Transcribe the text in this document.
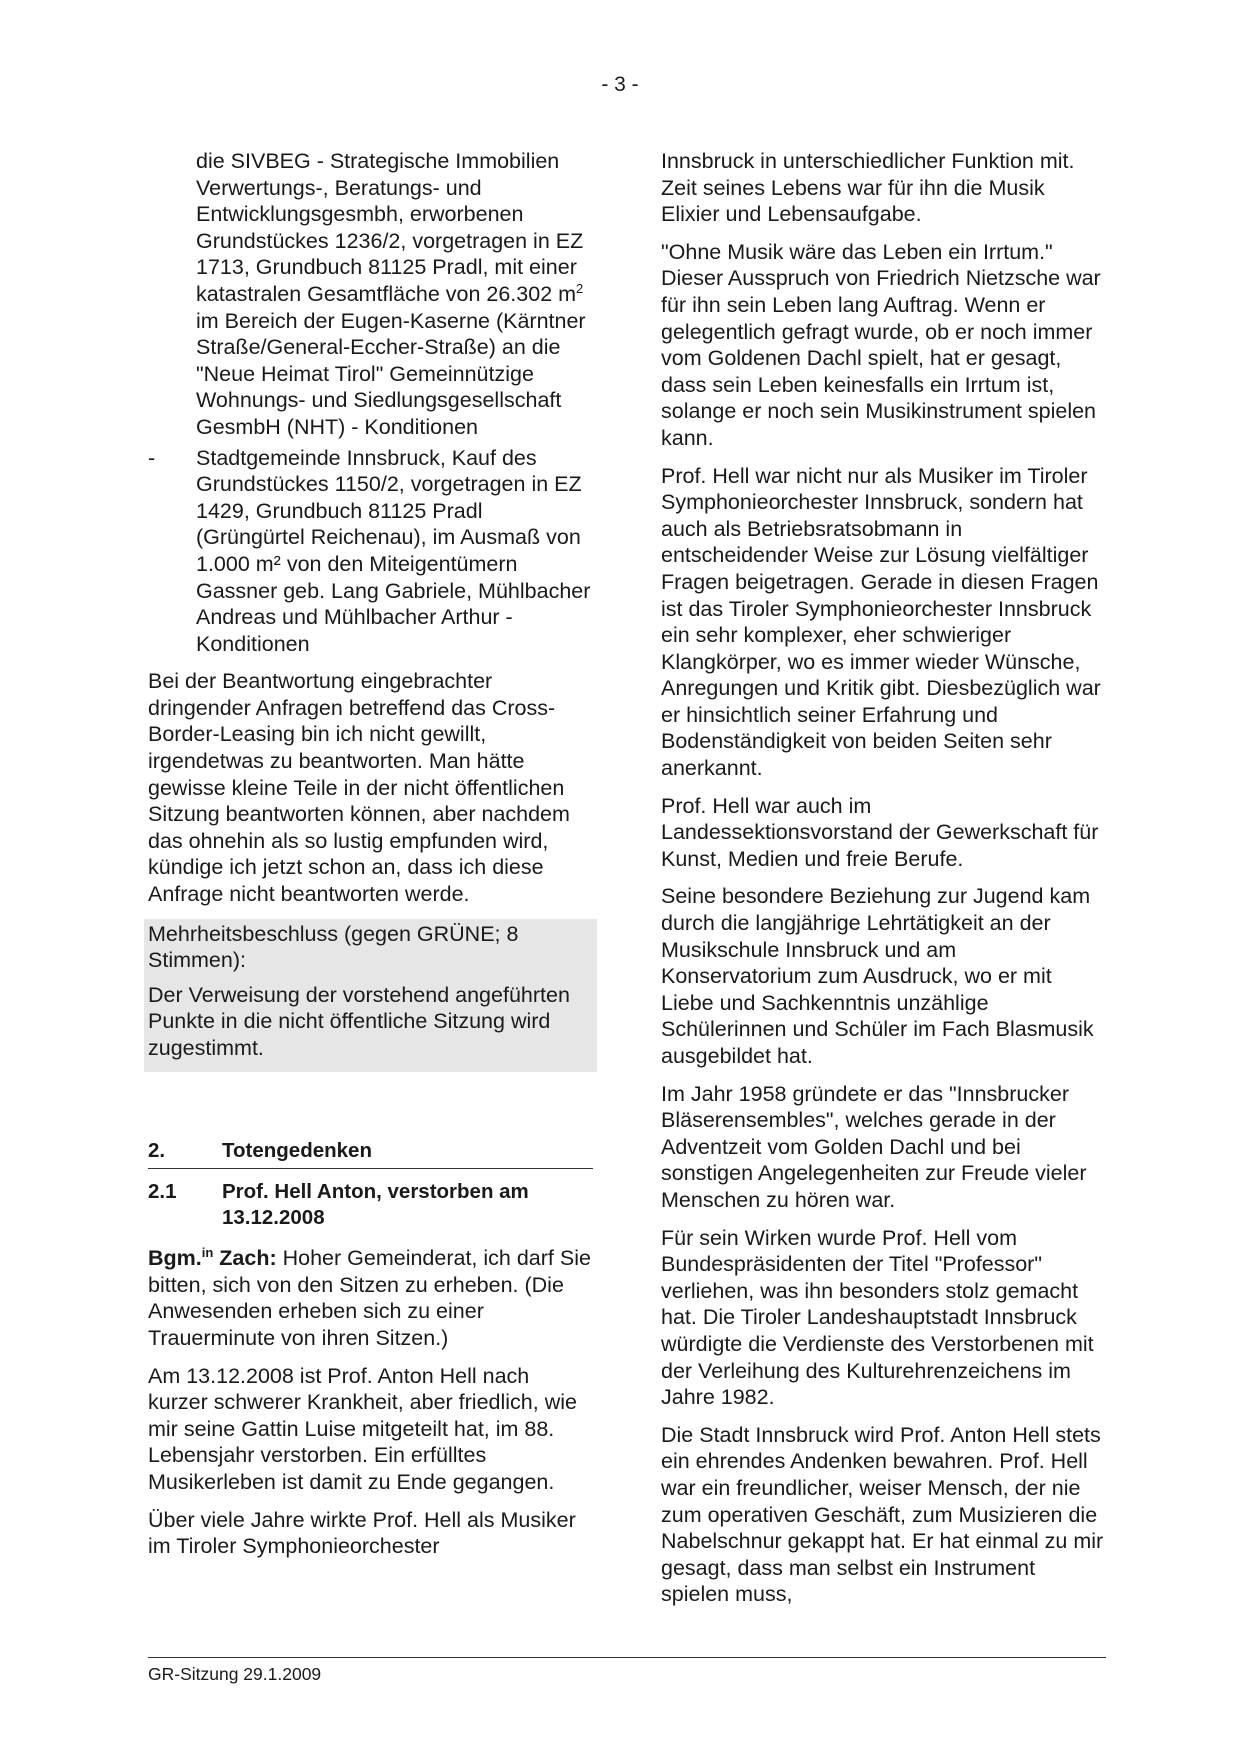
- 3 -

die SIVBEG - Strategische Immobilien Verwertungs-, Beratungs- und Entwicklungsgesmbh, erworbenen Grundstückes 1236/2, vorgetragen in EZ 1713, Grundbuch 81125 Pradl, mit einer katastralen Gesamtfläche von 26.302 $m^2$ im Bereich der Eugen-Kaserne (Kärntner Straße/General-Eccher-Straße) an die "Neue Heimat Tirol" Gemeinnützige Wohnungs- und Siedlungsgesellschaft GesmbH (NHT) - Konditionen

- Stadtgemeinde Innsbruck, Kauf des Grundstückes 1150/2, vorgetragen in EZ 1429, Grundbuch 81125 Pradl (Grüngürtel Reichenau), im Ausmaß von 1.000 m² von den Miteigentümern Gassner geb. Lang Gabriele, Mühlbacher Andreas und Mühlbacher Arthur - Konditionen

Bei der Beantwortung eingebrachter dringender Anfragen betreffend das Cross-Border-Leasing bin ich nicht gewillt, irgendetwas zu beantworten. Man hätte gewisse kleine Teile in der nicht öffentlichen Sitzung beantworten können, aber nachdem das ohnehin als so lustig empfunden wird, kündige ich jetzt schon an, dass ich diese Anfrage nicht beantworten werde.

Mehrheitsbeschluss (gegen GRÜNE; 8 Stimmen):

Der Verweisung der vorstehend angeführten Punkte in die nicht öffentliche Sitzung wird zugestimmt.

2.	Totengedenken
2.1	Prof. Hell Anton, verstorben am 13.12.2008

Bgm.$^{in}$ Zach: Hoher Gemeinderat, ich darf Sie bitten, sich von den Sitzen zu erheben. (Die Anwesenden erheben sich zu einer Trauerminute von ihren Sitzen.)

Am 13.12.2008 ist Prof. Anton Hell nach kurzer schwerer Krankheit, aber friedlich, wie mir seine Gattin Luise mitgeteilt hat, im 88. Lebensjahr verstorben. Ein erfülltes Musikerleben ist damit zu Ende gegangen.

Über viele Jahre wirkte Prof. Hell als Musiker im Tiroler Symphonieorchester

Innsbruck in unterschiedlicher Funktion mit. Zeit seines Lebens war für ihn die Musik Elixier und Lebensaufgabe.

"Ohne Musik wäre das Leben ein Irrtum." Dieser Ausspruch von Friedrich Nietzsche war für ihn sein Leben lang Auftrag. Wenn er gelegentlich gefragt wurde, ob er noch immer vom Goldenen Dachl spielt, hat er gesagt, dass sein Leben keinesfalls ein Irrtum ist, solange er noch sein Musikinstrument spielen kann.

Prof. Hell war nicht nur als Musiker im Tiroler Symphonieorchester Innsbruck, sondern hat auch als Betriebsratsobmann in entscheidender Weise zur Lösung vielfältiger Fragen beigetragen. Gerade in diesen Fragen ist das Tiroler Symphonieorchester Innsbruck ein sehr komplexer, eher schwieriger Klangkörper, wo es immer wieder Wünsche, Anregungen und Kritik gibt. Diesbezüglich war er hinsichtlich seiner Erfahrung und Bodenständigkeit von beiden Seiten sehr anerkannt.

Prof. Hell war auch im Landessektionsvorstand der Gewerkschaft für Kunst, Medien und freie Berufe.

Seine besondere Beziehung zur Jugend kam durch die langjährige Lehrtätigkeit an der Musikschule Innsbruck und am Konservatorium zum Ausdruck, wo er mit Liebe und Sachkenntnis unzählige Schülerinnen und Schüler im Fach Blasmusik ausgebildet hat.

Im Jahr 1958 gründete er das "Innsbrucker Bläserensembles", welches gerade in der Adventzeit vom Golden Dachl und bei sonstigen Angelegenheiten zur Freude vieler Menschen zu hören war.

Für sein Wirken wurde Prof. Hell vom Bundespräsidenten der Titel "Professor" verliehen, was ihn besonders stolz gemacht hat. Die Tiroler Landeshauptstadt Innsbruck würdigte die Verdienste des Verstorbenen mit der Verleihung des Kulturehrenzeichens im Jahre 1982.

Die Stadt Innsbruck wird Prof. Anton Hell stets ein ehrendes Andenken bewahren. Prof. Hell war ein freundlicher, weiser Mensch, der nie zum operativen Geschäft, zum Musizieren die Nabelschnur gekappt hat. Er hat einmal zu mir gesagt, dass man selbst ein Instrument spielen muss,

GR-Sitzung 29.1.2009
